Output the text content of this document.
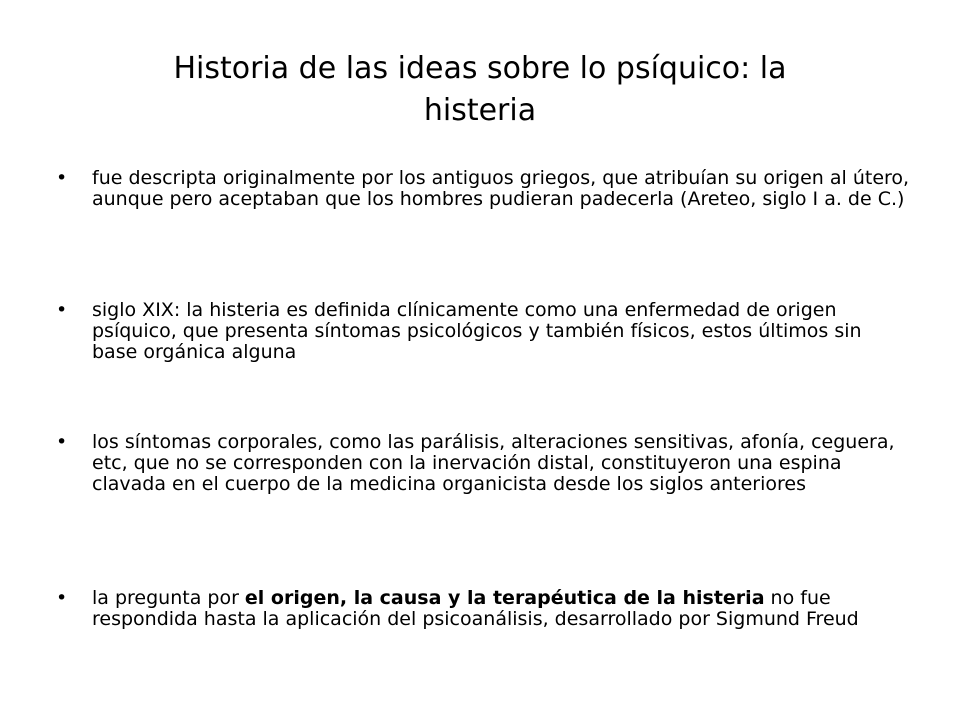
Historia de las ideas sobre lo psíquico: la histeria
• fue descripta originalmente por los antiguos griegos, que atribuían su origen al útero, aunque pero aceptaban que los hombres pudieran padecerla (Areteo, siglo I a. de C.)
• siglo XIX: la histeria es definida clínicamente como una enfermedad de origen psíquico, que presenta síntomas psicológicos y también físicos, estos últimos sin base orgánica alguna
• los síntomas corporales, como las parálisis, alteraciones sensitivas, afonía, ceguera, etc, que no se corresponden con la inervación distal, constituyeron una espina clavada en el cuerpo de la medicina organicista desde los siglos anteriores
• la pregunta por el origen, la causa y la terapéutica de la histeria no fue respondida hasta la aplicación del psicoanálisis, desarrollado por Sigmund Freud
